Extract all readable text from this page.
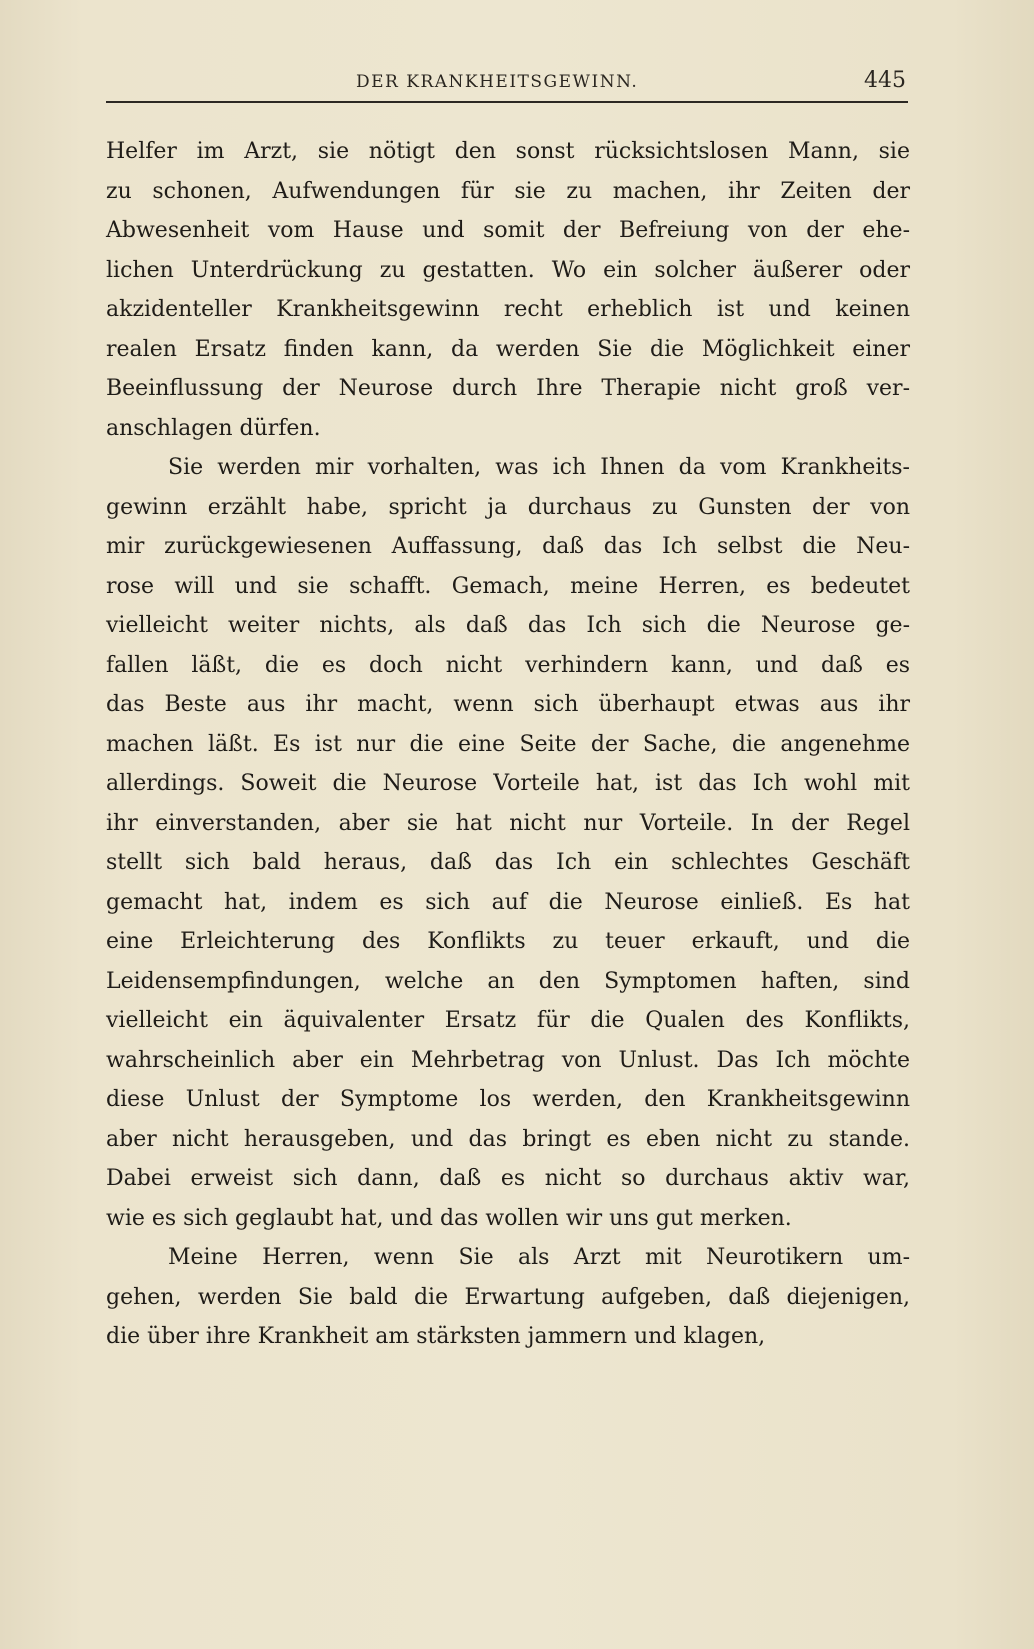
DER KRANKHEITSGEWINN.	445
Helfer im Arzt, sie nötigt den sonst rücksichtslosen Mann, sie
zu schonen, Aufwendungen für sie zu machen, ihr Zeiten der
Abwesenheit vom Hause und somit der Befreiung von der ehe-
lichen Unterdrückung zu gestatten. Wo ein solcher äußerer oder
akzidenteller Krankheitsgewinn recht erheblich ist und keinen
realen Ersatz finden kann, da werden Sie die Möglichkeit einer
Beeinflussung der Neurose durch Ihre Therapie nicht groß ver-
anschlagen dürfen.
Sie werden mir vorhalten, was ich Ihnen da vom Krankheits-
gewinn erzählt habe, spricht ja durchaus zu Gunsten der von
mir zurückgewiesenen Auffassung, daß das Ich selbst die Neu-
rose will und sie schafft. Gemach, meine Herren, es bedeutet
vielleicht weiter nichts, als daß das Ich sich die Neurose ge-
fallen läßt, die es doch nicht verhindern kann, und daß es
das Beste aus ihr macht, wenn sich überhaupt etwas aus ihr
machen läßt. Es ist nur die eine Seite der Sache, die angenehme
allerdings. Soweit die Neurose Vorteile hat, ist das Ich wohl mit
ihr einverstanden, aber sie hat nicht nur Vorteile. In der Regel
stellt sich bald heraus, daß das Ich ein schlechtes Geschäft
gemacht hat, indem es sich auf die Neurose einließ. Es hat
eine Erleichterung des Konflikts zu teuer erkauft, und die
Leidensempfindungen, welche an den Symptomen haften, sind
vielleicht ein äquivalenter Ersatz für die Qualen des Konflikts,
wahrscheinlich aber ein Mehrbetrag von Unlust. Das Ich möchte
diese Unlust der Symptome los werden, den Krankheitsgewinn
aber nicht herausgeben, und das bringt es eben nicht zu stande.
Dabei erweist sich dann, daß es nicht so durchaus aktiv war,
wie es sich geglaubt hat, und das wollen wir uns gut merken.
Meine Herren, wenn Sie als Arzt mit Neurotikern um-
gehen, werden Sie bald die Erwartung aufgeben, daß diejenigen,
die über ihre Krankheit am stärksten jammern und klagen,
